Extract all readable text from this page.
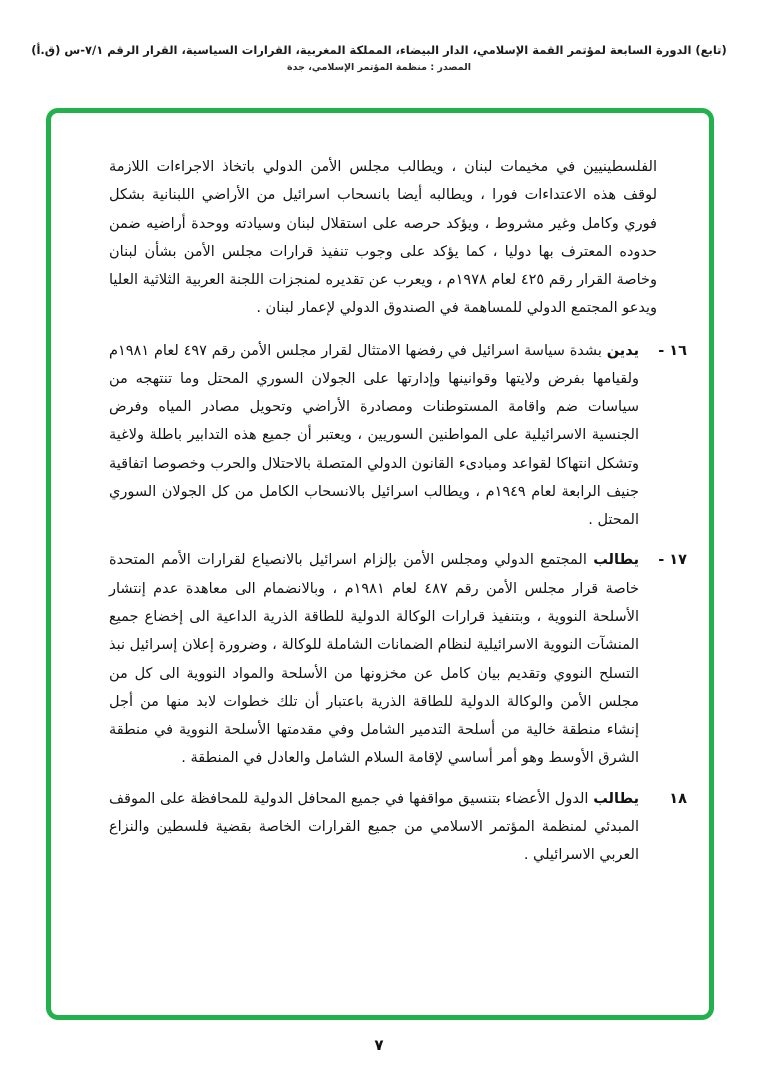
(تابع) الدورة السابعة لمؤتمر القمة الإسلامي، الدار البيضاء، المملكة المغربية، القرارات السياسية، القرار الرقم ٧/١-س (ق.أ)
المصدر : منظمة المؤتمر الإسلامي، جدة

الفلسطينيين في مخيمات لبنان ، ويطالب مجلس الأمن الدولي باتخاذ الاجراءات اللازمة لوقف هذه الاعتداءات فورا ، ويطالبه أيضا بانسحاب اسرائيل من الأراضي اللبنانية بشكل فوري وكامل وغير مشروط ، ويؤكد حرصه على استقلال لبنان وسيادته ووحدة أراضيه ضمن حدوده المعترف بها دوليا ، كما يؤكد على وجوب تنفيذ قرارات مجلس الأمن بشأن لبنان وخاصة القرار رقم ٤٢٥ لعام ١٩٧٨م ، ويعرب عن تقديره لمنجزات اللجنة العربية الثلاثية العليا ويدعو المجتمع الدولي للمساهمة في الصندوق الدولي لإعمار لبنان .

١٦ -

يدين بشدة سياسة اسرائيل في رفضها الامتثال لقرار مجلس الأمن رقم ٤٩٧ لعام ١٩٨١م ولقيامها بفرض ولايتها وقوانينها وإدارتها على الجولان السوري المحتل وما تنتهجه من سياسات ضم واقامة المستوطنات ومصادرة الأراضي وتحويل مصادر المياه وفرض الجنسية الاسرائيلية على المواطنين السوريين ، ويعتبر أن جميع هذه التدابير باطلة ولاغية وتشكل انتهاكا لقواعد ومبادىء القانون الدولي المتصلة بالاحتلال والحرب وخصوصا اتفاقية جنيف الرابعة لعام ١٩٤٩م ، ويطالب اسرائيل بالانسحاب الكامل من كل الجولان السوري المحتل .

١٧ -

يطالب المجتمع الدولي ومجلس الأمن بإلزام اسرائيل بالانصياع لقرارات الأمم المتحدة خاصة قرار مجلس الأمن رقم ٤٨٧ لعام ١٩٨١م ، وبالانضمام الى معاهدة عدم إنتشار الأسلحة النووية ، وبتنفيذ قرارات الوكالة الدولية للطاقة الذرية الداعية الى إخضاع جميع المنشآت النووية الاسرائيلية لنظام الضمانات الشاملة للوكالة ، وضرورة إعلان إسرائيل نبذ التسلح النووي وتقديم بيان كامل عن مخزونها من الأسلحة والمواد النووية الى كل من مجلس الأمن والوكالة الدولية للطاقة الذرية باعتبار أن تلك خطوات لابد منها من أجل إنشاء منطقة خالية من أسلحة التدمير الشامل وفي مقدمتها الأسلحة النووية في منطقة الشرق الأوسط وهو أمر أساسي لإقامة السلام الشامل والعادل في المنطقة .

١٨

يطالب الدول الأعضاء بتنسيق مواقفها في جميع المحافل الدولية للمحافظة على الموقف المبدئي لمنظمة المؤتمر الاسلامي من جميع القرارات الخاصة بقضية فلسطين والنزاع العربي الاسرائيلي .

٧
